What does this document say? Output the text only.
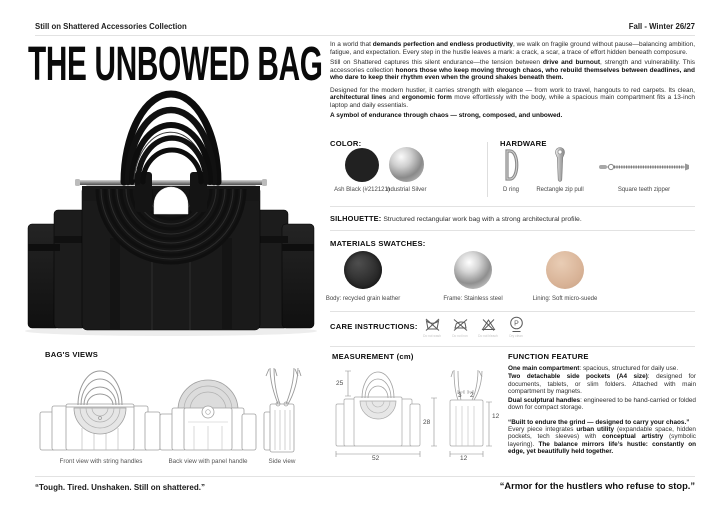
Still on Shattered Accessories Collection	Fall - Winter 26/27
THE UNBOWED BAG In a world that demands perfection and endless productivity, we walk on fragile ground without pause—balancing ambition, fatigue, and expectation. Every step in the hustle leaves a mark: a crack, a scar, a trace of effort hidden beneath composure.

Still on Shattered captures this silent endurance—the tension between drive and burnout, strength and vulnerability. This accessories collection honors those who keep moving through chaos, who rebuild themselves between deadlines, and who dare to keep their rhythm even when the ground shakes beneath them.

Designed for the modern hustler, it carries strength with elegance — from work to travel, hangouts to red carpets. Its clean, architectural lines and ergonomic form move effortlessly with the body, while a spacious main compartment fits a 13-inch laptop and daily essentials.

A symbol of endurance through chaos — strong, composed, and unbowed.

COLOR:
Ash Black (#212121)
Industrial Silver
HARDWARE
D ring	Rectangle zip pull	Square teeth zipper
SILHOUETTE: Structured rectangular work bag with a strong architectural profile.
MATERIALS SWATCHES:
Body: recycled grain leather	Frame: Stainless steel	Lining: Soft micro-suede
CARE INSTRUCTIONS:
Do not wash	Do not iron	Do not bleach
P
Dry clean
BAG'S VIEWS
Front view with string handles	Back view with panel handle	Side view
MEASUREMENT (cm)
25
28
52
3 2
12
12
FUNCTION FEATURE

One main compartment: spacious, structured for daily use.

Two detachable side pockets (A4 size): designed for documents, tablets, or slim folders. Attached with main compartment by magnets.

Dual sculptural handles: engineered to be hand-carried or folded down for compact storage.

“Built to endure the grind — designed to carry your chaos.”
Every piece integrates urban utility (expandable space, hidden pockets, tech sleeves) with conceptual artistry (symbolic layering). The balance mirrors life’s hustle: constantly on edge, yet beautifully held together.

“Tough. Tired. Unshaken. Still on shattered.”	“Armor for the hustlers who refuse to stop.”
